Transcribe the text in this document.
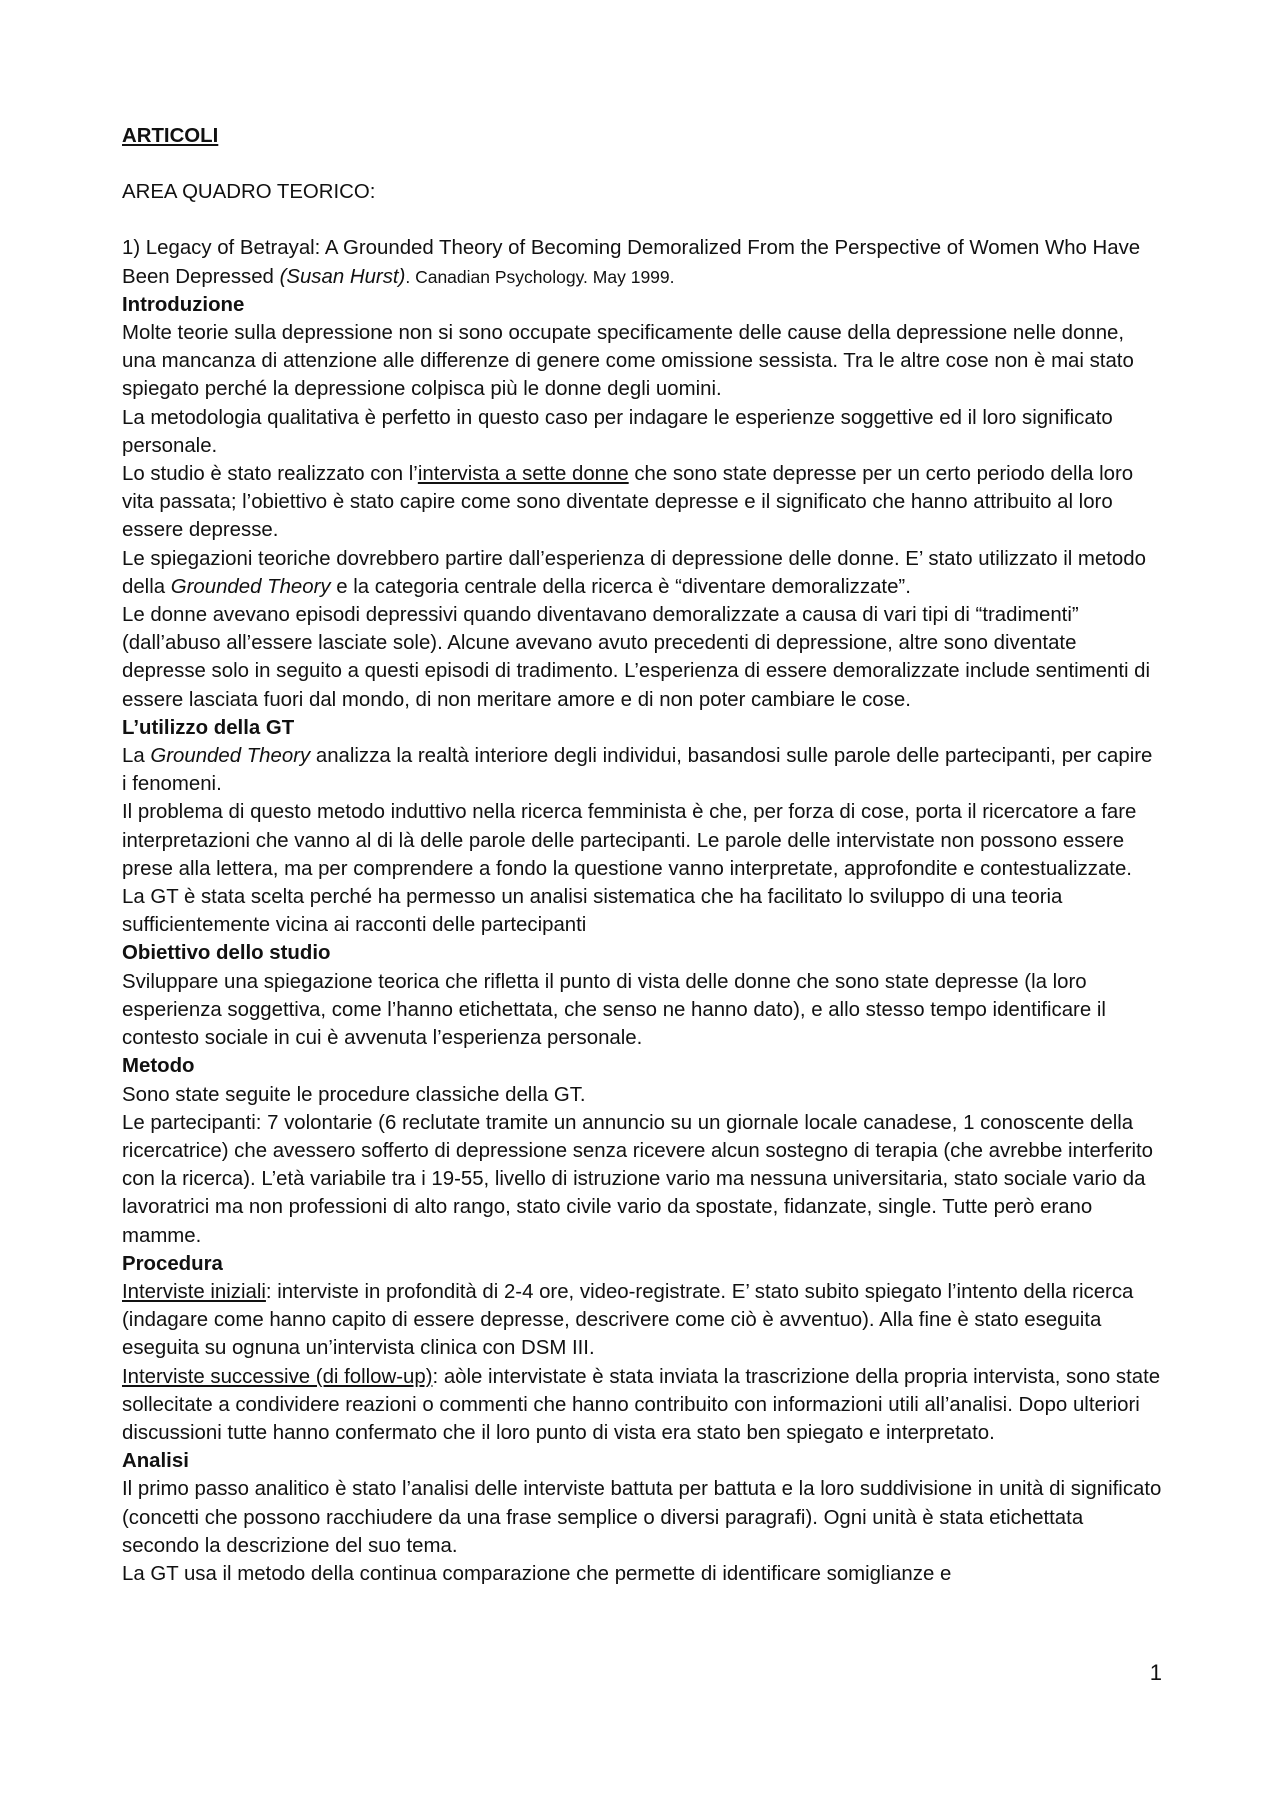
ARTICOLI

AREA QUADRO TEORICO:

1) Legacy of Betrayal: A Grounded Theory of Becoming Demoralized From the Perspective of Women Who Have Been Depressed (Susan Hurst). Canadian Psychology. May 1999.

Introduzione

Molte teorie sulla depressione non si sono occupate specificamente delle cause della depressione nelle donne, una mancanza di attenzione alle differenze di genere come omissione sessista. Tra le altre cose non è mai stato spiegato perché la depressione colpisca più le donne degli uomini.

La metodologia qualitativa è perfetto in questo caso per indagare le esperienze soggettive ed il loro significato personale.

Lo studio è stato realizzato con l’intervista a sette donne che sono state depresse per un certo periodo della loro vita passata; l’obiettivo è stato capire come sono diventate depresse e il significato che hanno attribuito al loro essere depresse.

Le spiegazioni teoriche dovrebbero partire dall’esperienza di depressione delle donne. E’ stato utilizzato il metodo della Grounded Theory e la categoria centrale della ricerca è “diventare demoralizzate”.

Le donne avevano episodi depressivi quando diventavano demoralizzate a causa di vari tipi di “tradimenti” (dall’abuso all’essere lasciate sole). Alcune avevano avuto precedenti di depressione, altre sono diventate depresse solo in seguito a questi episodi di tradimento. L’esperienza di essere demoralizzate include sentimenti di essere lasciata fuori dal mondo, di non meritare amore e di non poter cambiare le cose.

L’utilizzo della GT

La Grounded Theory analizza la realtà interiore degli individui, basandosi sulle parole delle partecipanti, per capire i fenomeni.

Il problema di questo metodo induttivo nella ricerca femminista è che, per forza di cose, porta il ricercatore a fare interpretazioni che vanno al di là delle parole delle partecipanti. Le parole delle intervistate non possono essere prese alla lettera, ma per comprendere a fondo la questione vanno interpretate, approfondite e contestualizzate.

La GT è stata scelta perché ha permesso un analisi sistematica che ha facilitato lo sviluppo di una teoria sufficientemente vicina ai racconti delle partecipanti

Obiettivo dello studio

Sviluppare una spiegazione teorica che rifletta il punto di vista delle donne che sono state depresse (la loro esperienza soggettiva, come l’hanno etichettata, che senso ne hanno dato), e allo stesso tempo identificare il contesto sociale in cui è avvenuta l’esperienza personale.

Metodo

Sono state seguite le procedure classiche della GT.

Le partecipanti: 7 volontarie (6 reclutate tramite un annuncio su un giornale locale canadese, 1 conoscente della ricercatrice) che avessero sofferto di depressione senza ricevere alcun sostegno di terapia (che avrebbe interferito con la ricerca). L’età variabile tra i 19-55, livello di istruzione vario ma nessuna universitaria, stato sociale vario da lavoratrici ma non professioni di alto rango, stato civile vario da spostate, fidanzate, single. Tutte però erano mamme.

Procedura

Interviste iniziali: interviste in profondità di 2-4 ore, video-registrate. E’ stato subito spiegato l’intento della ricerca (indagare come hanno capito di essere depresse, descrivere come ciò è avventuo). Alla fine è stato eseguita eseguita su ognuna un’intervista clinica con DSM III.

Interviste successive (di follow-up): aòle intervistate è stata inviata la trascrizione della propria intervista, sono state sollecitate a condividere reazioni o commenti che hanno contribuito con informazioni utili all’analisi. Dopo ulteriori discussioni tutte hanno confermato che il loro punto di vista era stato ben spiegato e interpretato.

Analisi

Il primo passo analitico è stato l’analisi delle interviste battuta per battuta e la loro suddivisione in unità di significato (concetti che possono racchiudere da una frase semplice o diversi paragrafi). Ogni unità è stata etichettata secondo la descrizione del suo tema.

La GT usa il metodo della continua comparazione che permette di identificare somiglianze e

1
